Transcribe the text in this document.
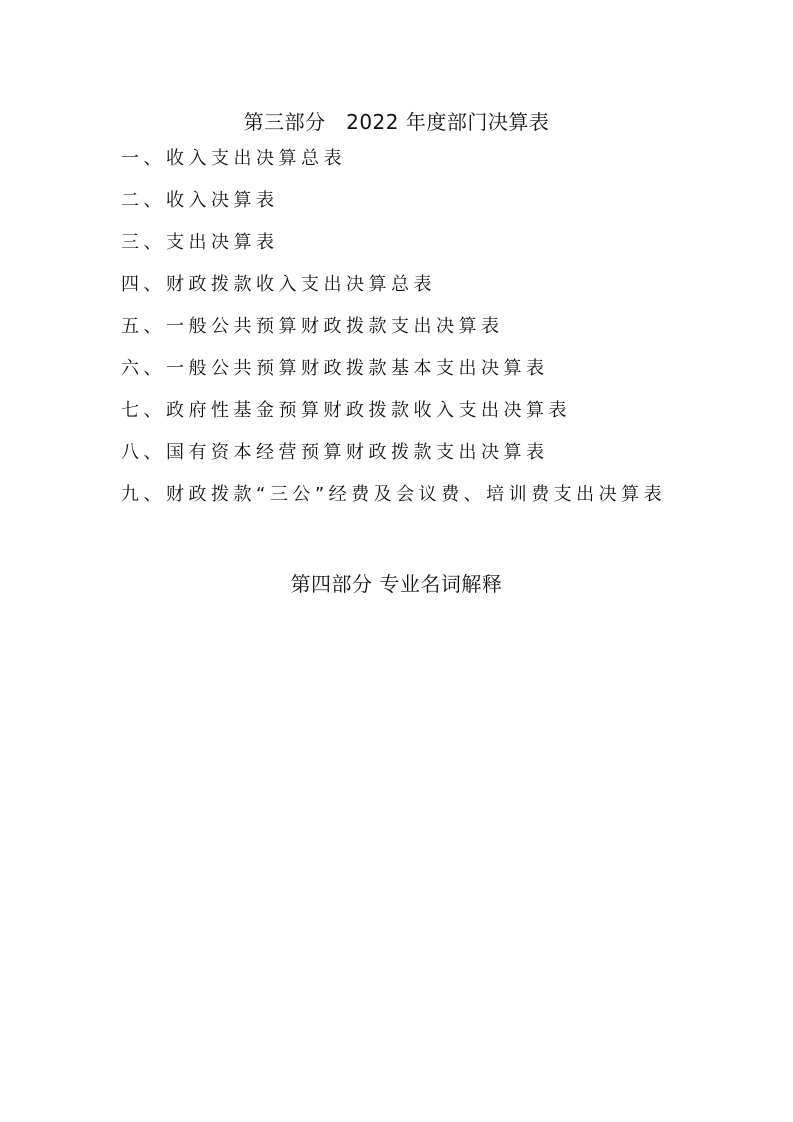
第三部分　2022 年度部门决算表
一、收入支出决算总表
二、收入决算表
三、支出决算表
四、财政拨款收入支出决算总表
五、一般公共预算财政拨款支出决算表
六、一般公共预算财政拨款基本支出决算表
七、政府性基金预算财政拨款收入支出决算表
八、国有资本经营预算财政拨款支出决算表
九、财政拨款“三公”经费及会议费、培训费支出决算表
第四部分 专业名词解释
